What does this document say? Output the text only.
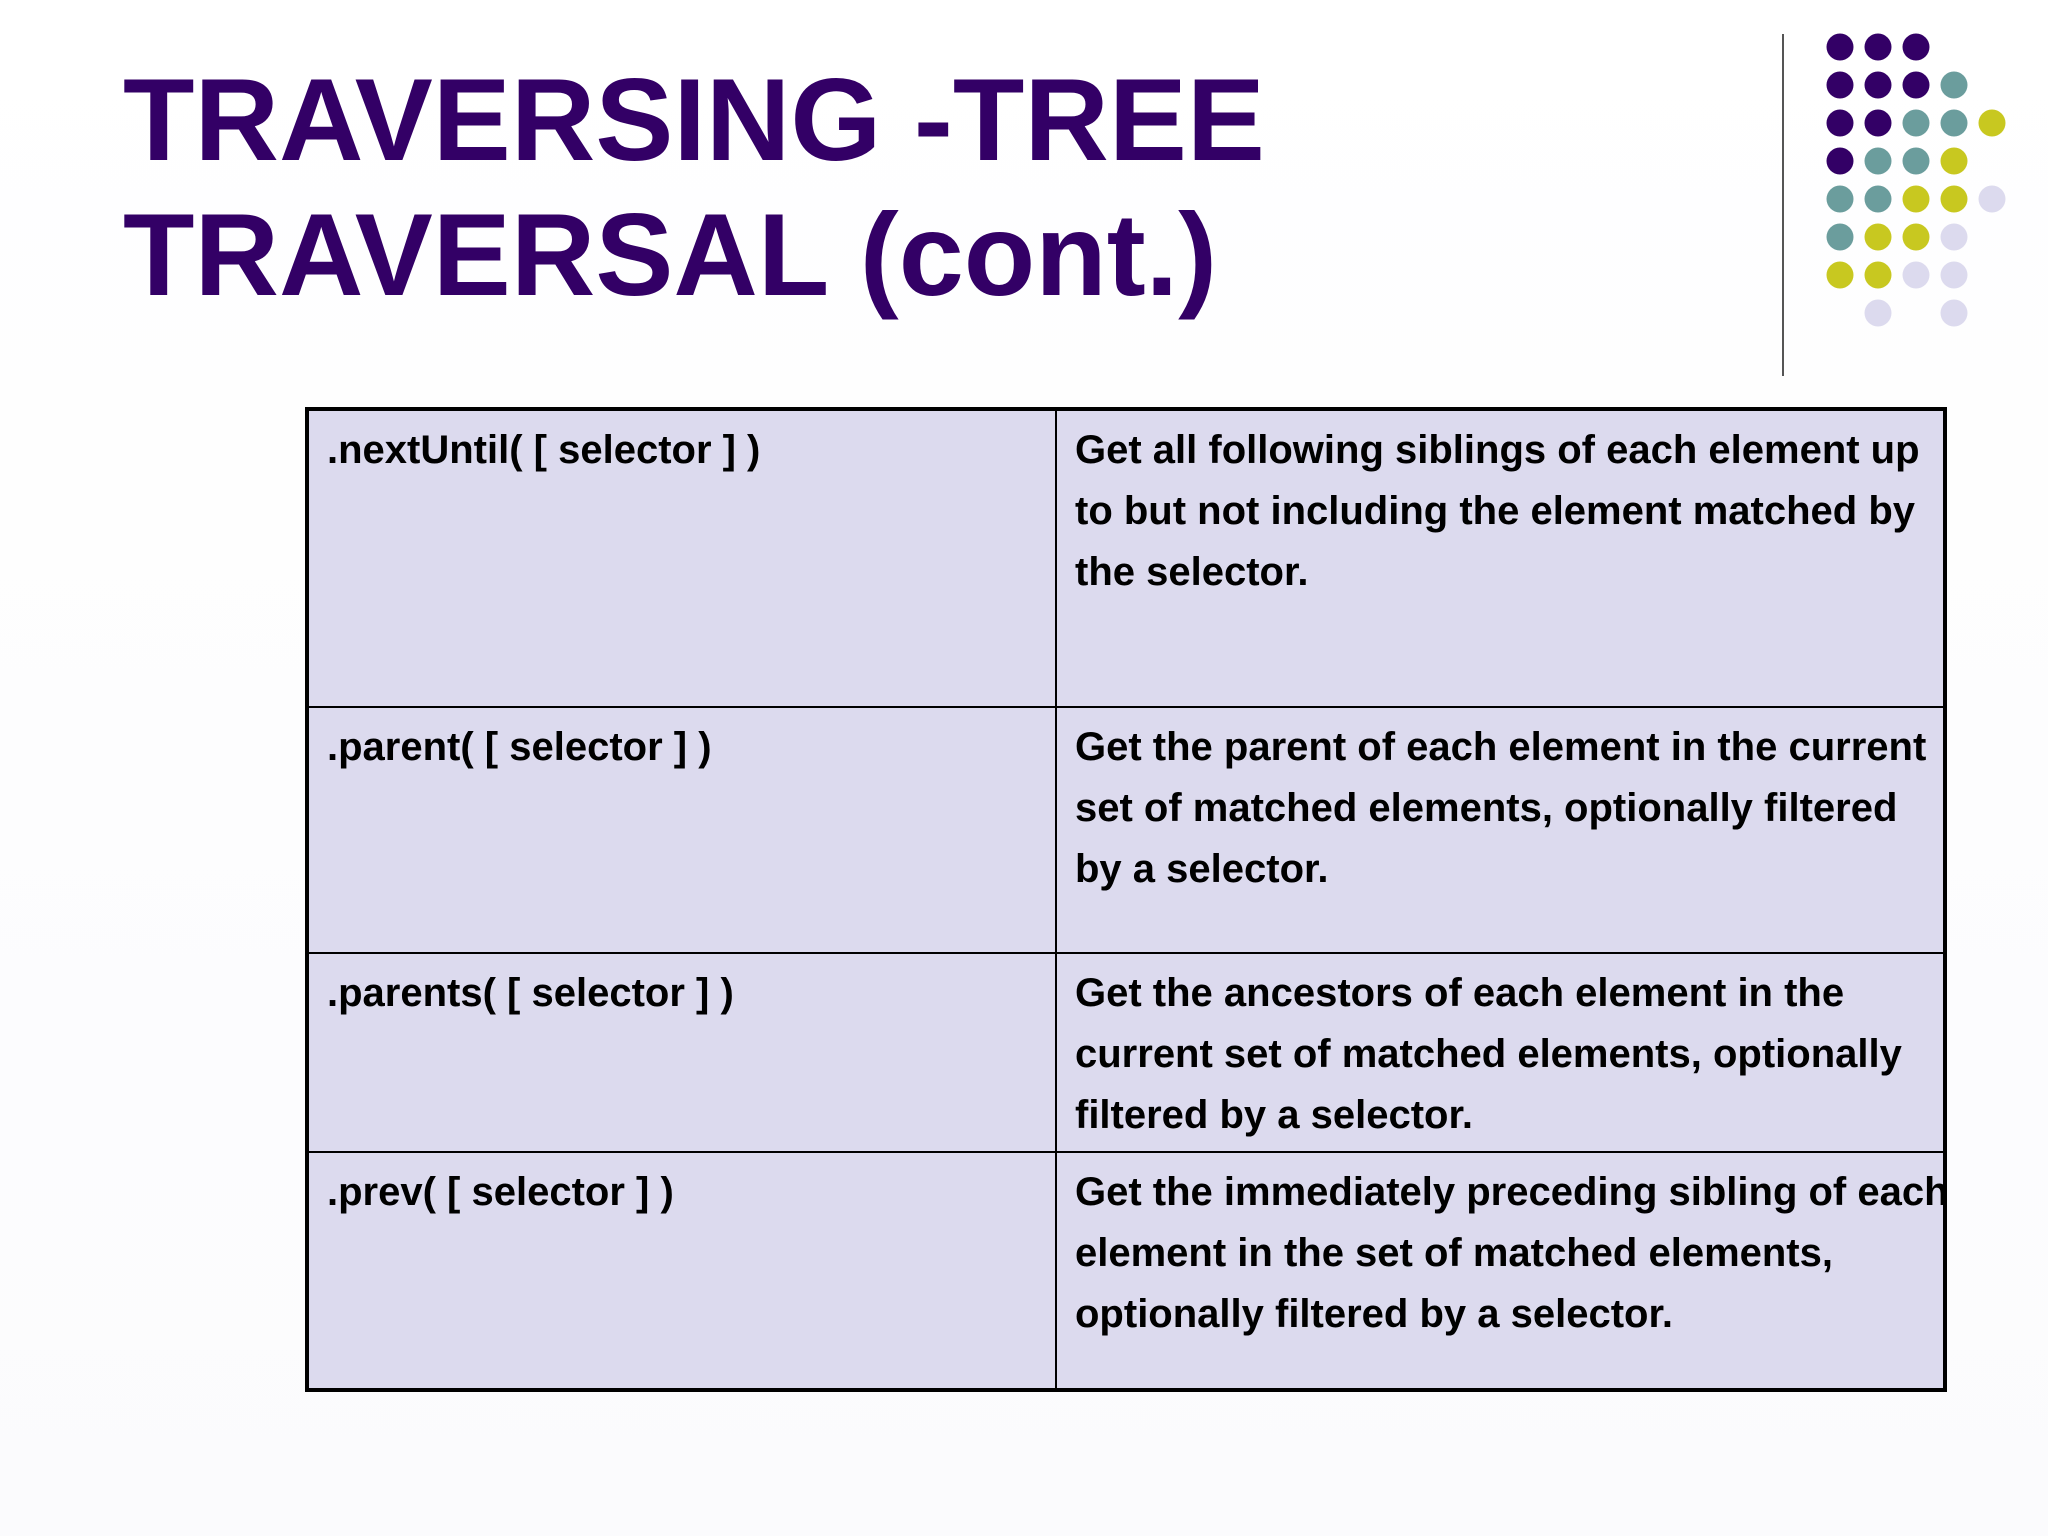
TRAVERSING -TREE
TRAVERSAL (cont.)
.nextUntil( [ selector ] )	Get all following siblings of each element up
to but not including the element matched by
the selector.

.parent( [ selector ] )	Get the parent of each element in the current
set of matched elements, optionally filtered
by a selector.

.parents( [ selector ] )	Get the ancestors of each element in the
current set of matched elements, optionally
filtered by a selector.

.prev( [ selector ] )	Get the immediately preceding sibling of each
element in the set of matched elements,
optionally filtered by a selector.
